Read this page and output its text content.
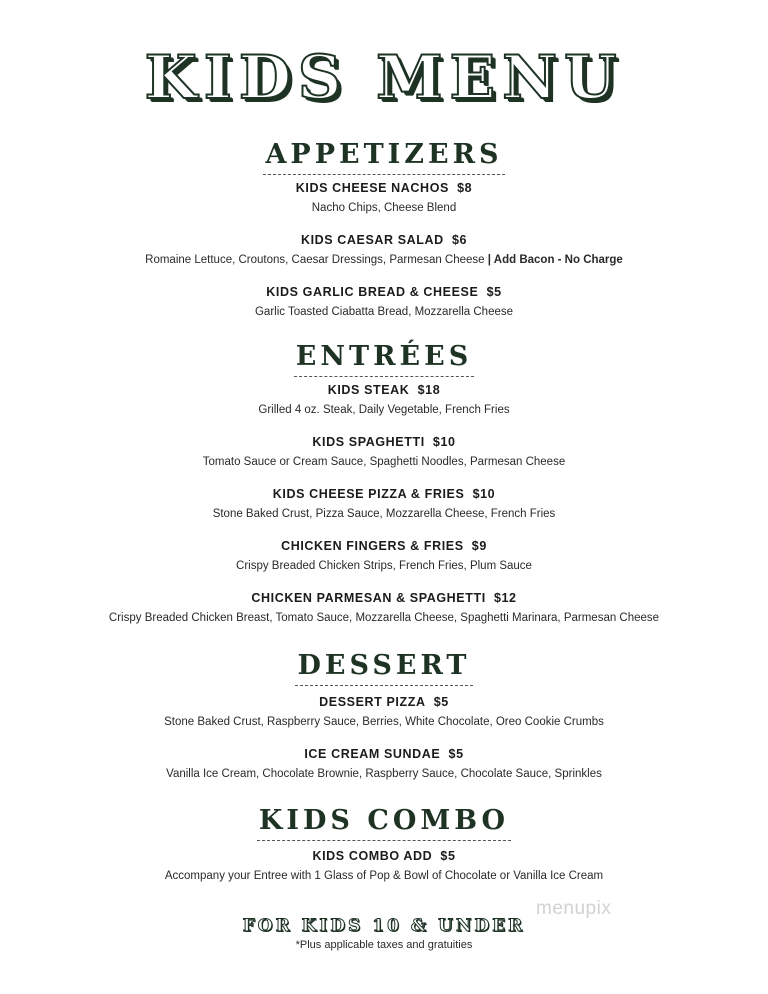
KIDS MENU
APPETIZERS
KIDS CHEESE NACHOS $8
Nacho Chips, Cheese Blend
KIDS CAESAR SALAD $6
Romaine Lettuce, Croutons, Caesar Dressings, Parmesan Cheese | Add Bacon - No Charge
KIDS GARLIC BREAD & CHEESE $5
Garlic Toasted Ciabatta Bread, Mozzarella Cheese
ENTRÉES
KIDS STEAK $18
Grilled 4 oz. Steak, Daily Vegetable, French Fries
KIDS SPAGHETTI $10
Tomato Sauce or Cream Sauce, Spaghetti Noodles, Parmesan Cheese
KIDS CHEESE PIZZA & FRIES $10
Stone Baked Crust, Pizza Sauce, Mozzarella Cheese, French Fries
CHICKEN FINGERS & FRIES $9
Crispy Breaded Chicken Strips, French Fries, Plum Sauce
CHICKEN PARMESAN & SPAGHETTI $12
Crispy Breaded Chicken Breast, Tomato Sauce, Mozzarella Cheese, Spaghetti Marinara, Parmesan Cheese
DESSERT
DESSERT PIZZA $5
Stone Baked Crust, Raspberry Sauce, Berries, White Chocolate, Oreo Cookie Crumbs
ICE CREAM SUNDAE $5
Vanilla Ice Cream, Chocolate Brownie, Raspberry Sauce, Chocolate Sauce, Sprinkles
KIDS COMBO
KIDS COMBO ADD $5
Accompany your Entree with 1 Glass of Pop & Bowl of Chocolate or Vanilla Ice Cream
FOR KIDS 10 & UNDER
*Plus applicable taxes and gratuities
menupix
